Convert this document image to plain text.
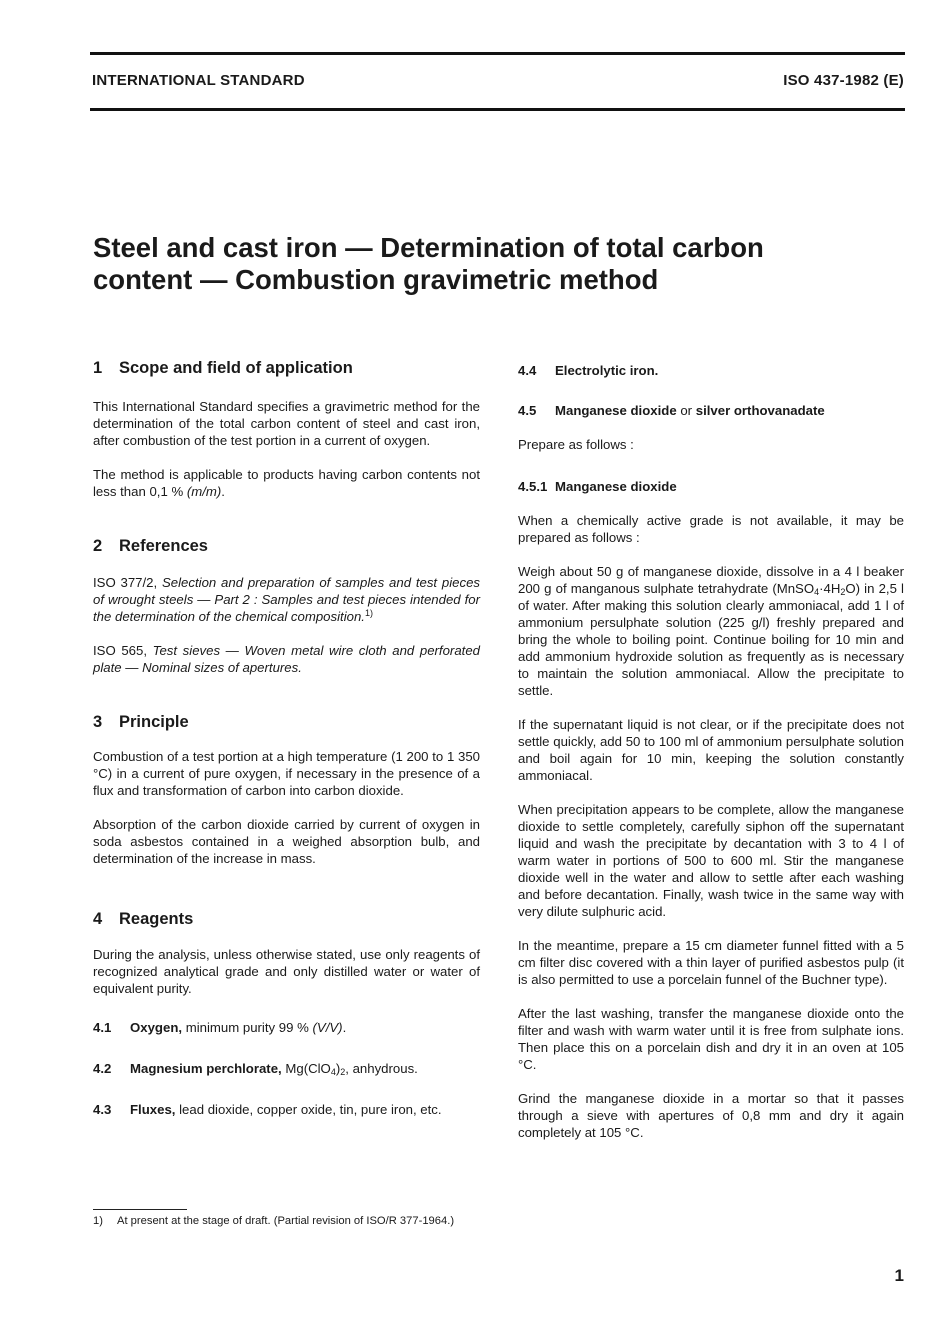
INTERNATIONAL STANDARD	ISO 437-1982 (E)
Steel and cast iron — Determination of total carbon
content — Combustion gravimetric method
1 Scope and field of application

This International Standard specifies a gravimetric method for the determination of the total carbon content of steel and cast iron, after combustion of the test portion in a current of oxygen.

The method is applicable to products having carbon contents not less than 0,1 % (m/m).

2 References

ISO 377/2, Selection and preparation of samples and test pieces of wrought steels — Part 2 : Samples and test pieces intended for the determination of the chemical composition.$^{1)}$

ISO 565, Test sieves — Woven metal wire cloth and perforated plate — Nominal sizes of apertures.

3 Principle

Combustion of a test portion at a high temperature (1 200 to 1 350 °C) in a current of pure oxygen, if necessary in the presence of a flux and transformation of carbon into carbon dioxide.

Absorption of the carbon dioxide carried by current of oxygen in soda asbestos contained in a weighed absorption bulb, and determination of the increase in mass.

4 Reagents

During the analysis, unless otherwise stated, use only reagents of recognized analytical grade and only distilled water or water of equivalent purity.

4.1 Oxygen, minimum purity 99 % (V/V).

4.2 Magnesium perchlorate, $Mg(ClO_4)_2$, anhydrous.

4.3 Fluxes, lead dioxide, copper oxide, tin, pure iron, etc.

4.4 Electrolytic iron.

4.5 Manganese dioxide or silver orthovanadate

Prepare as follows :

4.5.1 Manganese dioxide

When a chemically active grade is not available, it may be prepared as follows :

Weigh about 50 g of manganese dioxide, dissolve in a 4 l beaker 200 g of manganous sulphate tetrahydrate $(MnSO_4\cdot 4H_2O)$ in 2,5 l of water. After making this solution clearly ammoniacal, add 1 l of ammonium persulphate solution (225 g/l) freshly prepared and bring the whole to boiling point. Continue boiling for 10 min and add ammonium hydroxide solution as frequently as is necessary to maintain the solution ammoniacal. Allow the precipitate to settle.

If the supernatant liquid is not clear, or if the precipitate does not settle quickly, add 50 to 100 ml of ammonium persulphate solution and boil again for 10 min, keeping the solution constantly ammoniacal.

When precipitation appears to be complete, allow the manganese dioxide to settle completely, carefully siphon off the supernatant liquid and wash the precipitate by decantation with 3 to 4 l of warm water in portions of 500 to 600 ml. Stir the manganese dioxide well in the water and allow to settle after each washing and before decantation. Finally, wash twice in the same way with very dilute sulphuric acid.

In the meantime, prepare a 15 cm diameter funnel fitted with a 5 cm filter disc covered with a thin layer of purified asbestos pulp (it is also permitted to use a porcelain funnel of the Buchner type).

After the last washing, transfer the manganese dioxide onto the filter and wash with warm water until it is free from sulphate ions. Then place this on a porcelain dish and dry it in an oven at 105 °C.

Grind the manganese dioxide in a mortar so that it passes through a sieve with apertures of 0,8 mm and dry it again completely at 105 °C.

1) At present at the stage of draft. (Partial revision of ISO/R 377-1964.)
1
